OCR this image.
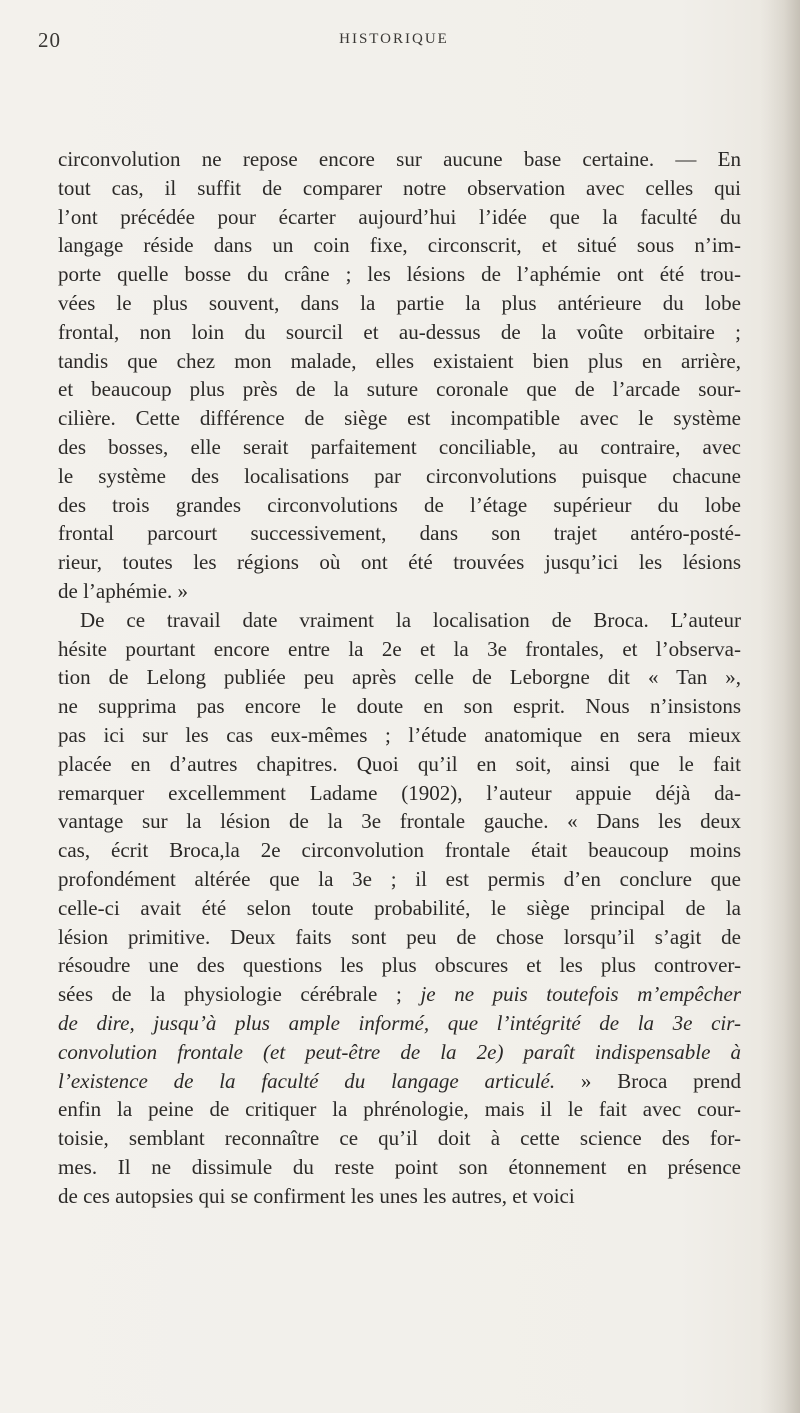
20	HISTORIQUE
circonvolution ne repose encore sur aucune base certaine. — En
tout cas, il suffit de comparer notre observation avec celles qui
l’ont précédée pour écarter aujourd’hui l’idée que la faculté du
langage réside dans un coin fixe, circonscrit, et situé sous n’im-
porte quelle bosse du crâne ; les lésions de l’aphémie ont été trou-
vées le plus souvent, dans la partie la plus antérieure du lobe
frontal, non loin du sourcil et au-dessus de la voûte orbitaire ;
tandis que chez mon malade, elles existaient bien plus en arrière,
et beaucoup plus près de la suture coronale que de l’arcade sour-
cilière. Cette différence de siège est incompatible avec le système
des bosses, elle serait parfaitement conciliable, au contraire, avec
le système des localisations par circonvolutions puisque chacune
des trois grandes circonvolutions de l’étage supérieur du lobe
frontal parcourt successivement, dans son trajet antéro-posté-
rieur, toutes les régions où ont été trouvées jusqu’ici les lésions
de l’aphémie. »
De ce travail date vraiment la localisation de Broca. L’auteur
hésite pourtant encore entre la 2e et la 3e frontales, et l’observa-
tion de Lelong publiée peu après celle de Leborgne dit « Tan »,
ne supprima pas encore le doute en son esprit. Nous n’insistons
pas ici sur les cas eux-mêmes ; l’étude anatomique en sera mieux
placée en d’autres chapitres. Quoi qu’il en soit, ainsi que le fait
remarquer excellemment Ladame (1902), l’auteur appuie déjà da-
vantage sur la lésion de la 3e frontale gauche. « Dans les deux
cas, écrit Broca,la 2e circonvolution frontale était beaucoup moins
profondément altérée que la 3e ; il est permis d’en conclure que
celle-ci avait été selon toute probabilité, le siège principal de la
lésion primitive. Deux faits sont peu de chose lorsqu’il s’agit de
résoudre une des questions les plus obscures et les plus controver-
sées de la physiologie cérébrale ; je ne puis toutefois m’empêcher
de dire, jusqu’à plus ample informé, que l’intégrité de la 3e cir-
convolution frontale (et peut-être de la 2e) paraît indispensable à
l’existence de la faculté du langage articulé. » Broca prend
enfin la peine de critiquer la phrénologie, mais il le fait avec cour-
toisie, semblant reconnaître ce qu’il doit à cette science des for-
mes. Il ne dissimule du reste point son étonnement en présence
de ces autopsies qui se confirment les unes les autres, et voici
